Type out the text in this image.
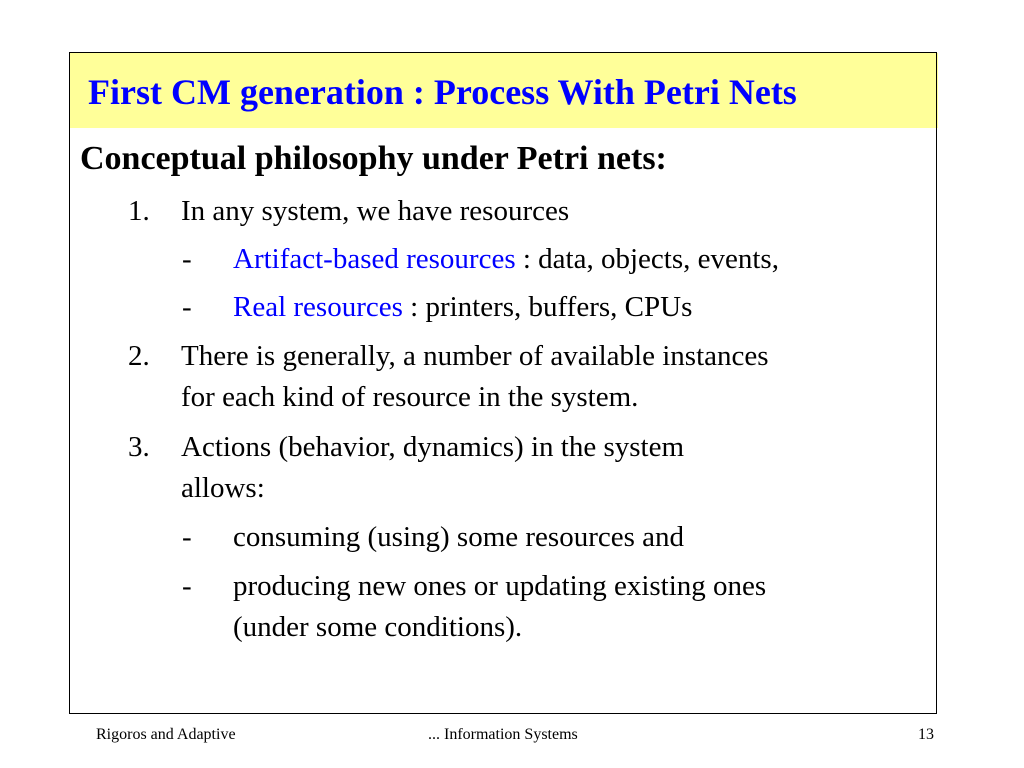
First CM generation : Process With Petri Nets
Conceptual philosophy under Petri nets:
1. In any system, we have resources
- Artifact-based resources : data, objects, events,
- Real resources : printers, buffers, CPUs
2. There is generally, a number of available instances
for each kind of resource in the system.
3. Actions (behavior, dynamics) in the system
allows:
- consuming (using) some resources and
- producing new ones or updating existing ones
(under some conditions).
Rigoros and Adaptive	... Information Systems	13
